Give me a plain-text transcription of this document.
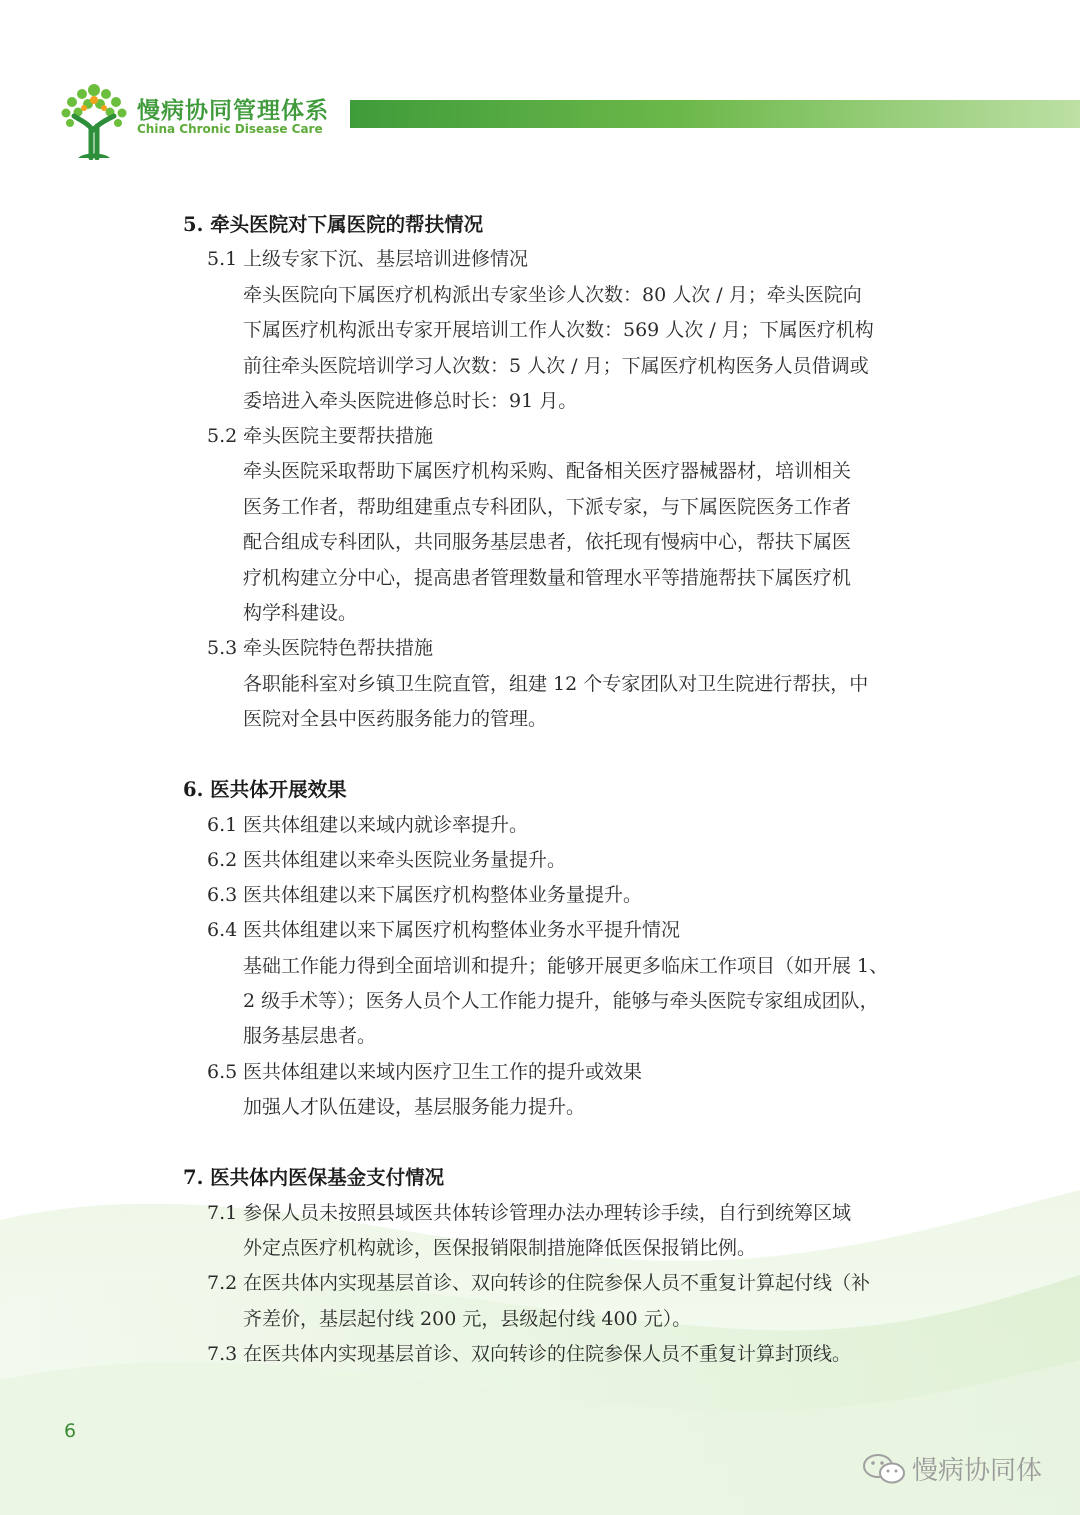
慢病协同管理体系
China Chronic Disease Care
5. 牵头医院对下属医院的帮扶情况
5.1 上级专家下沉、基层培训进修情况
牵头医院向下属医疗机构派出专家坐诊人次数：80 人次 / 月；牵头医院向
下属医疗机构派出专家开展培训工作人次数：569 人次 / 月；下属医疗机构
前往牵头医院培训学习人次数：5 人次 / 月；下属医疗机构医务人员借调或
委培进入牵头医院进修总时长：91 月。
5.2 牵头医院主要帮扶措施
牵头医院采取帮助下属医疗机构采购、配备相关医疗器械器材，培训相关
医务工作者，帮助组建重点专科团队，下派专家，与下属医院医务工作者
配合组成专科团队，共同服务基层患者，依托现有慢病中心，帮扶下属医
疗机构建立分中心，提高患者管理数量和管理水平等措施帮扶下属医疗机
构学科建设。
5.3 牵头医院特色帮扶措施
各职能科室对乡镇卫生院直管，组建 12 个专家团队对卫生院进行帮扶，中
医院对全县中医药服务能力的管理。
6. 医共体开展效果
6.1 医共体组建以来域内就诊率提升。
6.2 医共体组建以来牵头医院业务量提升。
6.3 医共体组建以来下属医疗机构整体业务量提升。
6.4 医共体组建以来下属医疗机构整体业务水平提升情况
基础工作能力得到全面培训和提升；能够开展更多临床工作项目（如开展 1、
2 级手术等）；医务人员个人工作能力提升，能够与牵头医院专家组成团队，
服务基层患者。
6.5 医共体组建以来域内医疗卫生工作的提升或效果
加强人才队伍建设，基层服务能力提升。
7. 医共体内医保基金支付情况
7.1 参保人员未按照县域医共体转诊管理办法办理转诊手续，自行到统筹区域
外定点医疗机构就诊，医保报销限制措施降低医保报销比例。
7.2 在医共体内实现基层首诊、双向转诊的住院参保人员不重复计算起付线（补
齐差价，基层起付线 200 元，县级起付线 400 元）。
7.3 在医共体内实现基层首诊、双向转诊的住院参保人员不重复计算封顶线。
6
慢病协同体
